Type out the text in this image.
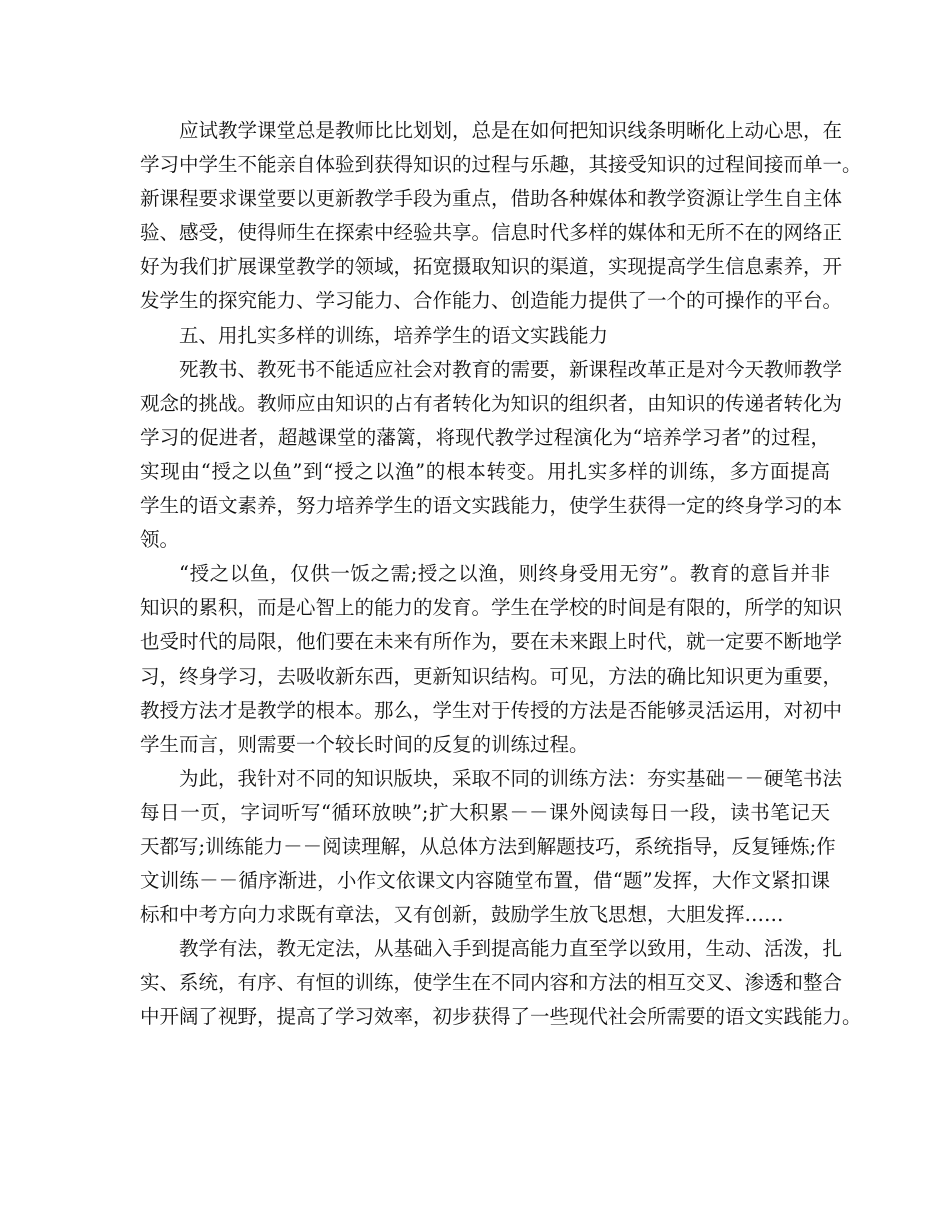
应试教学课堂总是教师比比划划，总是在如何把知识线条明晰化上动心思，在
学习中学生不能亲自体验到获得知识的过程与乐趣，其接受知识的过程间接而单一。
新课程要求课堂要以更新教学手段为重点，借助各种媒体和教学资源让学生自主体
验、感受，使得师生在探索中经验共享。信息时代多样的媒体和无所不在的网络正
好为我们扩展课堂教学的领域，拓宽摄取知识的渠道，实现提高学生信息素养，开
发学生的探究能力、学习能力、合作能力、创造能力提供了一个的可操作的平台。
五、用扎实多样的训练，培养学生的语文实践能力
死教书、教死书不能适应社会对教育的需要，新课程改革正是对今天教师教学
观念的挑战。教师应由知识的占有者转化为知识的组织者，由知识的传递者转化为
学习的促进者，超越课堂的藩篱，将现代教学过程演化为“培养学习者”的过程，
实现由“授之以鱼”到“授之以渔”的根本转变。用扎实多样的训练，多方面提高
学生的语文素养，努力培养学生的语文实践能力，使学生获得一定的终身学习的本
领。
“授之以鱼，仅供一饭之需;授之以渔，则终身受用无穷”。教育的意旨并非
知识的累积，而是心智上的能力的发育。学生在学校的时间是有限的，所学的知识
也受时代的局限，他们要在未来有所作为，要在未来跟上时代，就一定要不断地学
习，终身学习，去吸收新东西，更新知识结构。可见，方法的确比知识更为重要，
教授方法才是教学的根本。那么，学生对于传授的方法是否能够灵活运用，对初中
学生而言，则需要一个较长时间的反复的训练过程。
为此，我针对不同的知识版块，采取不同的训练方法：夯实基础－－硬笔书法
每日一页，字词听写“循环放映”;扩大积累－－课外阅读每日一段，读书笔记天
天都写;训练能力－－阅读理解，从总体方法到解题技巧，系统指导，反复锤炼;作
文训练－－循序渐进，小作文依课文内容随堂布置，借“题”发挥，大作文紧扣课
标和中考方向力求既有章法，又有创新，鼓励学生放飞思想，大胆发挥……
教学有法，教无定法，从基础入手到提高能力直至学以致用，生动、活泼，扎
实、系统，有序、有恒的训练，使学生在不同内容和方法的相互交叉、渗透和整合
中开阔了视野，提高了学习效率，初步获得了一些现代社会所需要的语文实践能力。
